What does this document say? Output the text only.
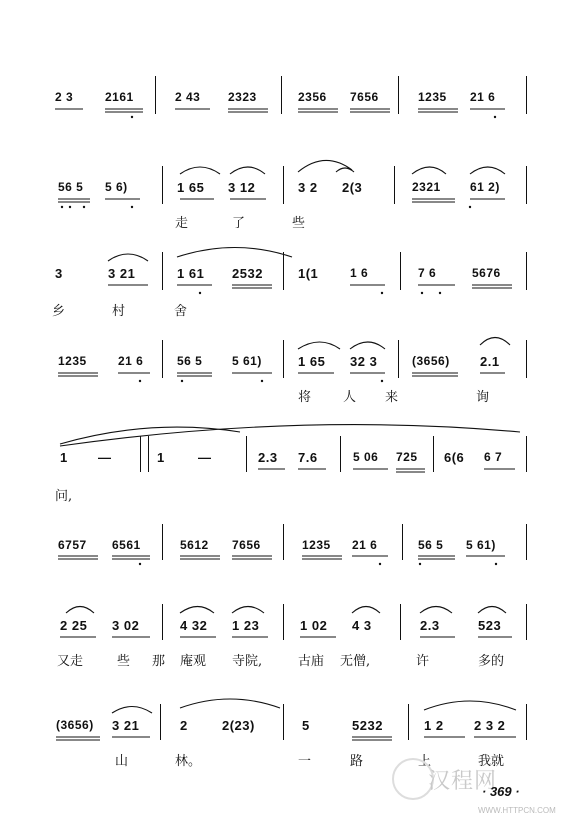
2 3	2161	2 43 2323	2356 7656	1235 21 6
56 5 5 6)	1 65 3 12	3 2 2(3	2321 61 2)
走	了	些
3	3 21	1 61 2532	1(1	1 6	7 6	5676
乡	村	舍
1235	21 6	56 5 5 61)	1 65 32 3	(3656) 2.1
将 人 来	询
1 —	1	—	2.3 7.6	5 06 725 6(6 6 7
问,
6757 6561	5612 7656	1235 21 6	56 5 5 61)
2 25 3 02	4 32 1 23	1 02 4 3	2.3	523
又走	些 那 庵观 寺院,	古庙 无僧,	许	多的
(3656) 3 21	2	2(23)	5	5232	1 2 2 3 2
山	林。	一	路	上	我就
汉程网
WWW.HTTPCN.COM
· 369 ·
